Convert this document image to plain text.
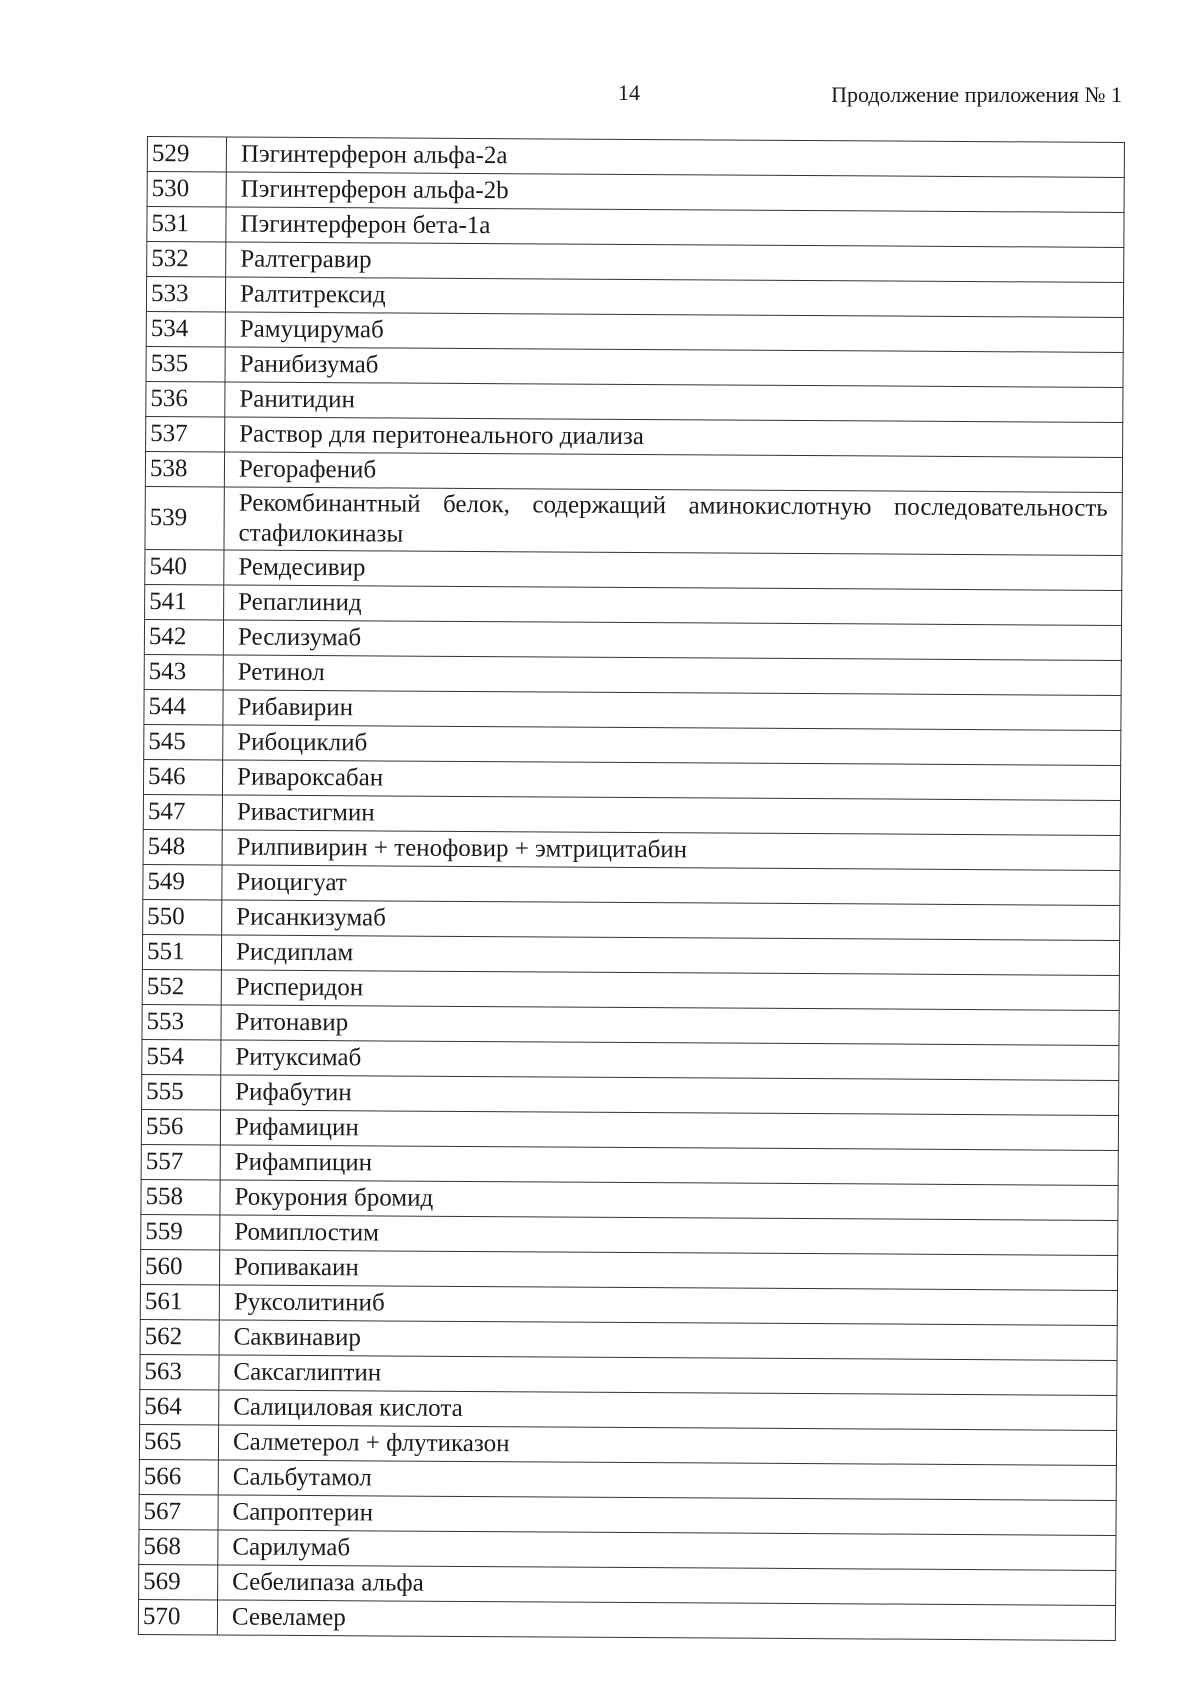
14	Продолжение приложения № 1
529	Пэгинтерферон альфа-2а
530	Пэгинтерферон альфа-2b
531	Пэгинтерферон бета-1а
532	Ралтегравир
533	Ралтитрексид
534	Рамуцирумаб
535	Ранибизумаб
536	Ранитидин
537	Раствор для перитонеального диализа
538	Регорафениб
539	Рекомбинантный белок, содержащий аминокислотную последовательность стафилокиназы
540	Ремдесивир
541	Репаглинид
542	Реслизумаб
543	Ретинол
544	Рибавирин
545	Рибоциклиб
546	Ривароксабан
547	Ривастигмин
548	Рилпивирин + тенофовир + эмтрицитабин
549	Риоцигуат
550	Рисанкизумаб
551	Рисдиплам
552	Рисперидон
553	Ритонавир
554	Ритуксимаб
555	Рифабутин
556	Рифамицин
557	Рифампицин
558	Рокурония бромид
559	Ромиплостим
560	Ропивакаин
561	Руксолитиниб
562	Саквинавир
563	Саксаглиптин
564	Салициловая кислота
565	Салметерол + флутиказон
566	Сальбутамол
567	Сапроптерин
568	Сарилумаб
569	Себелипаза альфа
570	Севеламер
